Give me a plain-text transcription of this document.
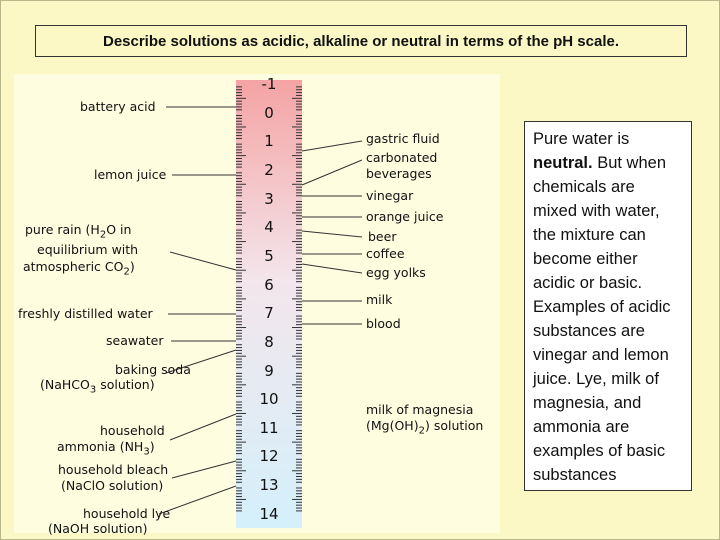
Describe solutions as acidic, alkaline or neutral in terms of the pH scale.
-1
0
1
2
3
4
5
6
7
8
9
10
11
12
13
14
battery acid
lemon juice
pure rain ($H_2O$ in
equilibrium with
atmospheric $CO_2$)
freshly distilled water
seawater
baking soda
(NaHCO$_3$ solution)
household
ammonia $(NH_3)$
household bleach
(NaClO solution)
household lye
(NaOH solution)
gastric fluid
carbonated
beverages
vinegar
orange juice
beer
coffee
egg yolks
milk
blood
milk of magnesia
$(Mg(OH)_2)$ solution

Pure water is neutral. But when chemicals are mixed with water, the mixture can become either acidic or basic. Examples of acidic substances are vinegar and lemon juice. Lye, milk of magnesia, and ammonia are examples of basic substances
